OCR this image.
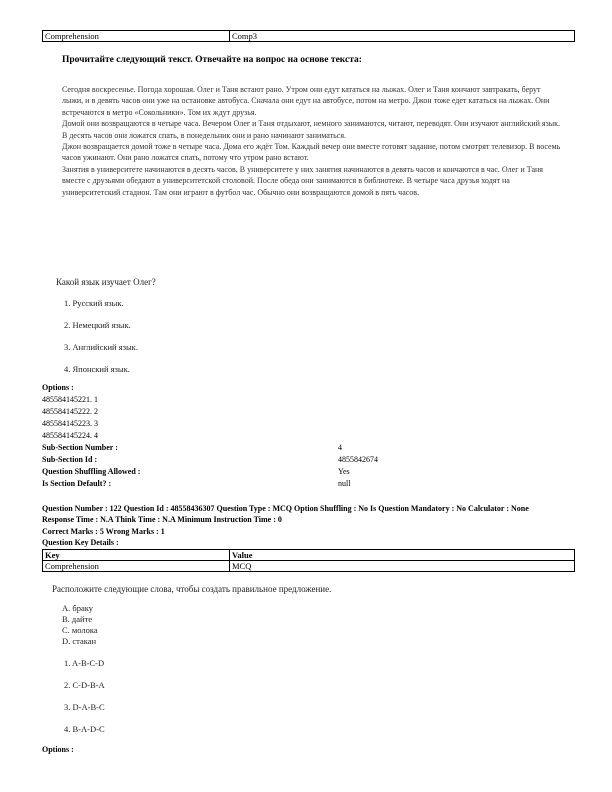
Comprehension	Comp3
Прочитайте следующий текст. Отвечайте на вопрос на основе текста:

Сегодня воскресенье. Погода хорошая. Олег и Таня встают рано. Утром они едут кататься на лыжах. Олег и Таня кончают завтракать, берут лыжи, и в девять часов они уже на остановке автобуса. Сначала они едут на автобусе, потом на метро. Джон тоже едет кататься на лыжах. Они встречаются в метро «Сокольники». Том их ждут друзья.

Домой они возвращаются в четыре часа. Вечером Олег и Таня отдыхают, немного занимаются, читают, переводят. Они изучают английский язык. В десять часов они ложатся спать, в понедельник они и рано начинают заниматься.

Джон возвращается домой тоже в четыре часа. Дома его ждёт Том. Каждый вечер они вместе готовят задание, потом смотрят телевизор. В восемь часов ужинают. Они рано ложатся спать, потому что утром рано встают.

Занятия в университете начинаются в десять часов. В университете у них занятия начинаются в девять часов и кончаются в час. Олег и Таня вместе с друзьями обедают в университетской столовой. После обеда они занимаются в библиотеке. В четыре часа друзья ходят на университетский стадион. Там они играют в футбол час. Обычно они возвращаются домой в пять часов.

Какой язык изучает Олег?
1. Русский язык.
2. Немецкий язык.
3. Английский язык.
4. Японский язык.
Options :
485584145221. 1
485584145222. 2
485584145223. 3
485584145224. 4
Sub-Section Number :	4
Sub-Section Id :	4855842674
Question Shuffling Allowed :	Yes
Is Section Default? :	null
Question Number : 122 Question Id : 48558436307 Question Type : MCQ Option Shuffling : No Is Question Mandatory : No Calculator : None
Response Time : N.A Think Time : N.A Minimum Instruction Time : 0
Correct Marks : 5 Wrong Marks : 1
Question Key Details :
Key	Value
Comprehension	MCQ
Расположите следующие слова, чтобы создать правильное предложение.
A. браку
B. дайте
C. молока
D. стакан
1. A-B-C-D
2. C-D-B-A
3. D-A-B-C
4. B-A-D-C
Options :
